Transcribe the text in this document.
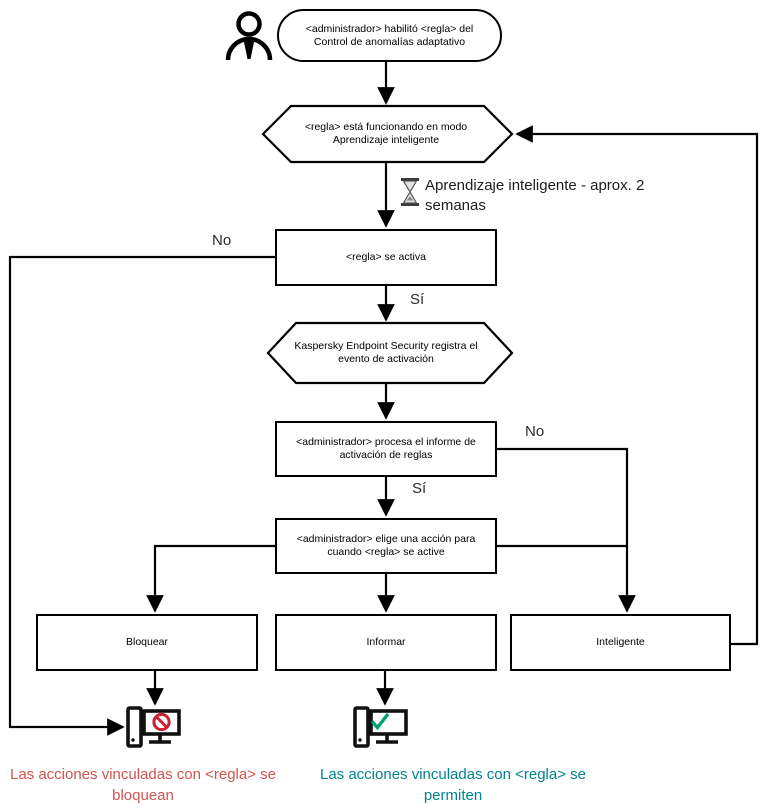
<administrador> habilitó <regla> del Control de anomalías adaptativo
<regla> está funcionando en modo Aprendizaje inteligente
<regla> se activa
Kaspersky Endpoint Security registra el evento de activación
<administrador> procesa el informe de activación de reglas
<administrador> elige una acción para cuando <regla> se active
Bloquear	Informar	Inteligente
No
Sí
No
Sí
Aprendizaje inteligente - aprox. 2 semanas
Las acciones vinculadas con <regla> se bloquean
Las acciones vinculadas con <regla> se permiten
